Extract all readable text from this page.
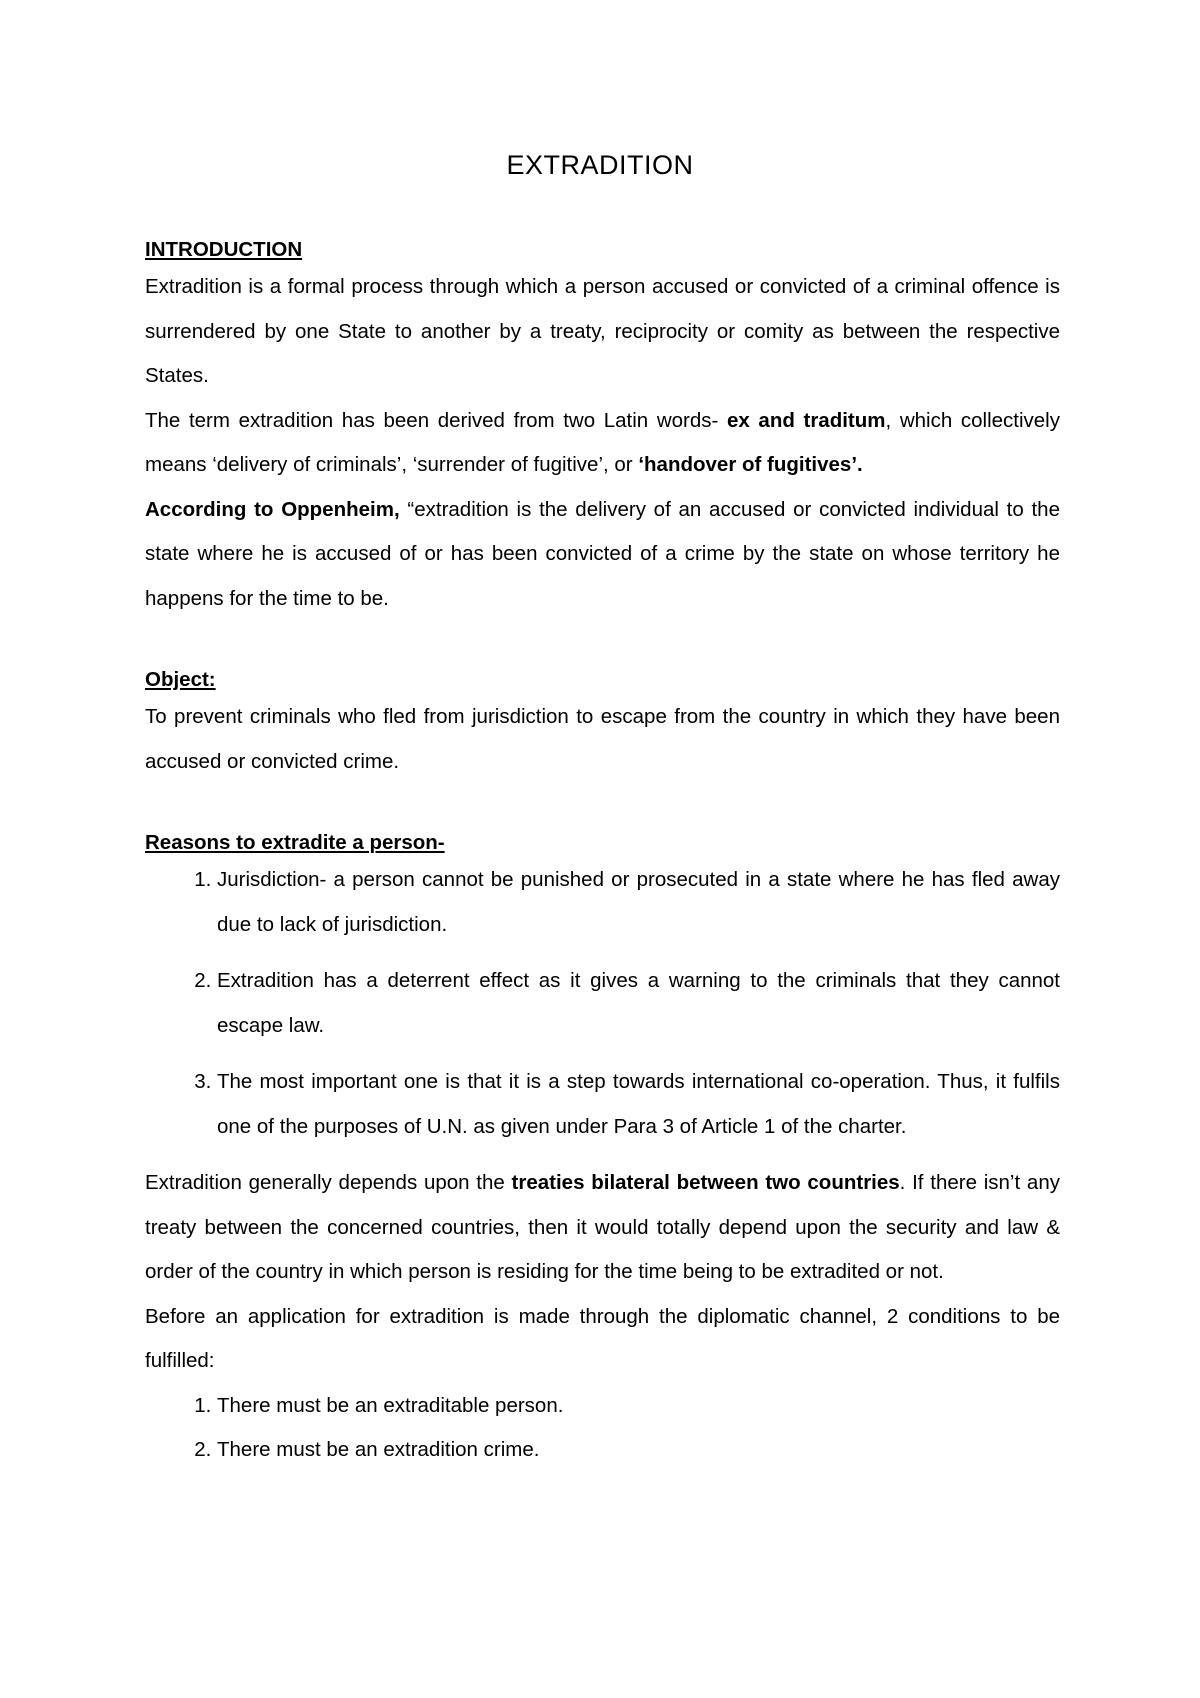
EXTRADITION

INTRODUCTION

Extradition is a formal process through which a person accused or convicted of a criminal offence is surrendered by one State to another by a treaty, reciprocity or comity as between the respective States.

The term extradition has been derived from two Latin words- ex and traditum, which collectively means ‘delivery of criminals’, ‘surrender of fugitive’, or ‘handover of fugitives’.

According to Oppenheim, “extradition is the delivery of an accused or convicted individual to the state where he is accused of or has been convicted of a crime by the state on whose territory he happens for the time to be.

Object:

To prevent criminals who fled from jurisdiction to escape from the country in which they have been accused or convicted crime.

Reasons to extradite a person-

1. Jurisdiction- a person cannot be punished or prosecuted in a state where he has fled away due to lack of jurisdiction.
2. Extradition has a deterrent effect as it gives a warning to the criminals that they cannot escape law.
3. The most important one is that it is a step towards international co-operation. Thus, it fulfils one of the purposes of U.N. as given under Para 3 of Article 1 of the charter.

Extradition generally depends upon the treaties bilateral between two countries. If there isn’t any treaty between the concerned countries, then it would totally depend upon the security and law & order of the country in which person is residing for the time being to be extradited or not.

Before an application for extradition is made through the diplomatic channel, 2 conditions to be fulfilled:

1. There must be an extraditable person.
2. There must be an extradition crime.
